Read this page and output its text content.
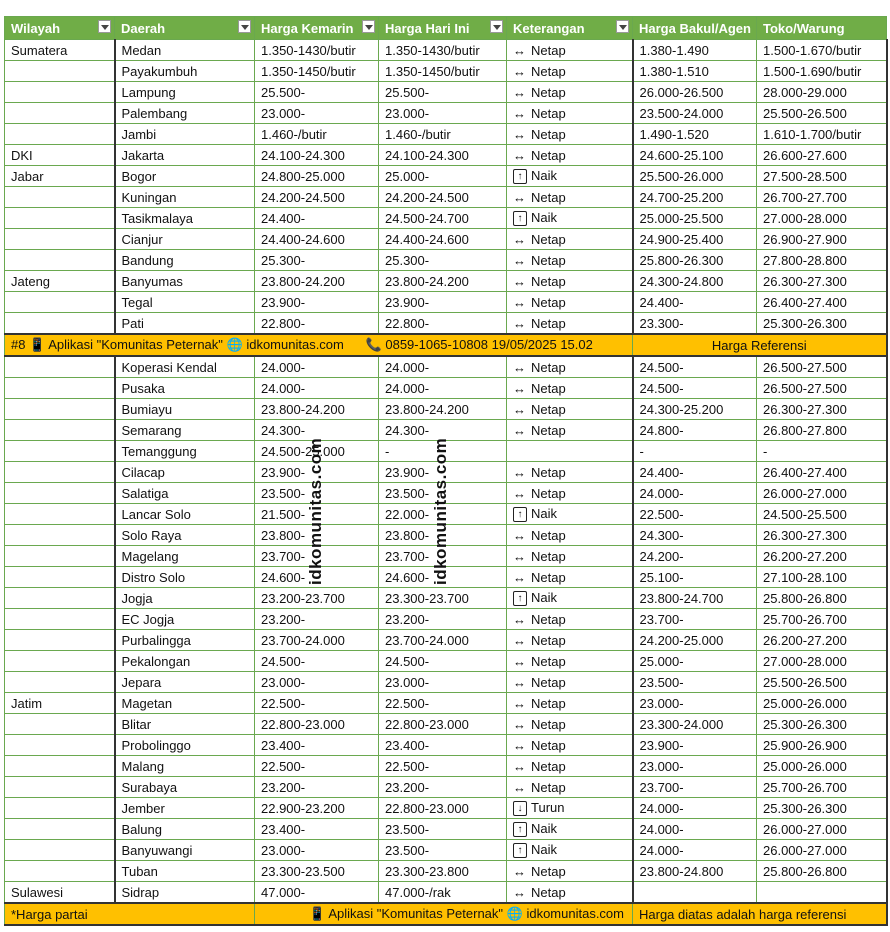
Wilayah	Daerah	Harga Kemarin	Harga Hari Ini	Keterangan	Harga Bakul/Agen	Toko/Warung
Sumatera	Medan	1.350-1430/butir	1.350-1430/butir	↔ Netap	1.380-1.490	1.500-1.670/butir
	Payakumbuh	1.350-1450/butir	1.350-1450/butir	↔ Netap	1.380-1.510	1.500-1.690/butir
	Lampung	25.500-	25.500-	↔ Netap	26.000-26.500	28.000-29.000
	Palembang	23.000-	23.000-	↔ Netap	23.500-24.000	25.500-26.500
	Jambi	1.460-/butir	1.460-/butir	↔ Netap	1.490-1.520	1.610-1.700/butir
DKI	Jakarta	24.100-24.300	24.100-24.300	↔ Netap	24.600-25.100	26.600-27.600
Jabar	Bogor	24.800-25.000	25.000-	↑ Naik	25.500-26.000	27.500-28.500
	Kuningan	24.200-24.500	24.200-24.500	↔ Netap	24.700-25.200	26.700-27.700
	Tasikmalaya	24.400-	24.500-24.700	↑ Naik	25.000-25.500	27.000-28.000
	Cianjur	24.400-24.600	24.400-24.600	↔ Netap	24.900-25.400	26.900-27.900
	Bandung	25.300-	25.300-	↔ Netap	25.800-26.300	27.800-28.800
Jateng	Banyumas	23.800-24.200	23.800-24.200	↔ Netap	24.300-24.800	26.300-27.300
	Tegal	23.900-	23.900-	↔ Netap	24.400-	26.400-27.400
	Pati	22.800-	22.800-	↔ Netap	23.300-	25.300-26.300
#8 📱 Aplikasi "Komunitas Peternak" 🌐 idkomunitas.com 📞 0859-1065-10808 19/05/2025 15.02					Harga Referensi	
	Koperasi Kendal	24.000-	24.000-	↔ Netap	24.500-	26.500-27.500
	Pusaka	24.000-	24.000-	↔ Netap	24.500-	26.500-27.500
	Bumiayu	23.800-24.200	23.800-24.200	↔ Netap	24.300-25.200	26.300-27.300
	Semarang	24.300-	24.300-	↔ Netap	24.800-	26.800-27.800
	Temanggung	24.500-25.000	-		-	-
	Cilacap	23.900-	23.900-	↔ Netap	24.400-	26.400-27.400
	Salatiga	23.500-	23.500-	↔ Netap	24.000-	26.000-27.000
	Lancar Solo	21.500-	22.000-	↑ Naik	22.500-	24.500-25.500
	Solo Raya	23.800-	23.800-	↔ Netap	24.300-	26.300-27.300
	Magelang	23.700-	23.700-	↔ Netap	24.200-	26.200-27.200
	Distro Solo	24.600-	24.600-	↔ Netap	25.100-	27.100-28.100
	Jogja	23.200-23.700	23.300-23.700	↑ Naik	23.800-24.700	25.800-26.800
	EC Jogja	23.200-	23.200-	↔ Netap	23.700-	25.700-26.700
	Purbalingga	23.700-24.000	23.700-24.000	↔ Netap	24.200-25.000	26.200-27.200
	Pekalongan	24.500-	24.500-	↔ Netap	25.000-	27.000-28.000
	Jepara	23.000-	23.000-	↔ Netap	23.500-	25.500-26.500
Jatim	Magetan	22.500-	22.500-	↔ Netap	23.000-	25.000-26.000
	Blitar	22.800-23.000	22.800-23.000	↔ Netap	23.300-24.000	25.300-26.300
	Probolinggo	23.400-	23.400-	↔ Netap	23.900-	25.900-26.900
	Malang	22.500-	22.500-	↔ Netap	23.000-	25.000-26.000
	Surabaya	23.200-	23.200-	↔ Netap	23.700-	25.700-26.700
	Jember	22.900-23.200	22.800-23.000	↓ Turun	24.000-	25.300-26.300
	Balung	23.400-	23.500-	↑ Naik	24.000-	26.000-27.000
	Banyuwangi	23.000-	23.500-	↑ Naik	24.000-	26.000-27.000
	Tuban	23.300-23.500	23.300-23.800	↔ Netap	23.800-24.800	25.800-26.800
Sulawesi	Sidrap	47.000-	47.000-/rak	↔ Netap		
*Harga partai		📱 Aplikasi "Komunitas Peternak" 🌐 idkomunitas.com			Harga diatas adalah harga referensi	
idkomunitas.com	idkomunitas.com
